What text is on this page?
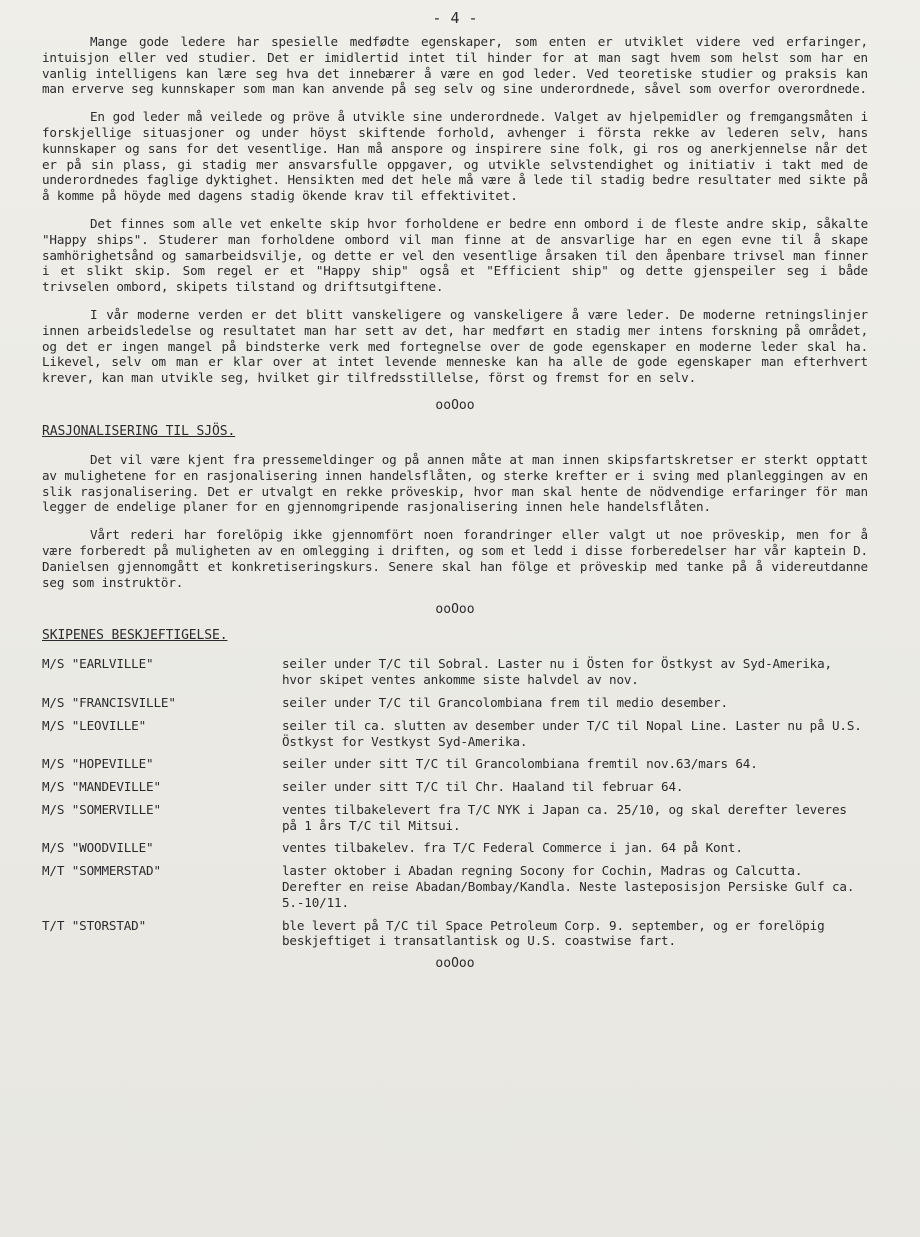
- 4 -

Mange gode ledere har spesielle medfødte egenskaper, som enten er utviklet videre ved erfaringer, intuisjon eller ved studier. Det er imidlertid intet til hinder for at man sagt hvem som helst som har en vanlig intelligens kan lære seg hva det innebærer å være en god leder. Ved teoretiske studier og praksis kan man erverve seg kunnskaper som man kan anvende på seg selv og sine underordnede, såvel som overfor overordnede.

En god leder må veilede og pröve å utvikle sine underordnede. Valget av hjelpemidler og fremgangsmåten i forskjellige situasjoner og under höyst skiftende forhold, avhenger i första rekke av lederen selv, hans kunnskaper og sans for det vesentlige. Han må anspore og inspirere sine folk, gi ros og anerkjennelse når det er på sin plass, gi stadig mer ansvarsfulle oppgaver, og utvikle selvstendighet og initiativ i takt med de underordnedes faglige dyktighet. Hensikten med det hele må være å lede til stadig bedre resultater med sikte på å komme på höyde med dagens stadig ökende krav til effektivitet.

Det finnes som alle vet enkelte skip hvor forholdene er bedre enn ombord i de fleste andre skip, såkalte "Happy ships". Studerer man forholdene ombord vil man finne at de ansvarlige har en egen evne til å skape samhörighetsånd og samarbeidsvilje, og dette er vel den vesentlige årsaken til den åpenbare trivsel man finner i et slikt skip. Som regel er et "Happy ship" også et "Efficient ship" og dette gjenspeiler seg i både trivselen ombord, skipets tilstand og driftsutgiftene.

I vår moderne verden er det blitt vanskeligere og vanskeligere å være leder. De moderne retningslinjer innen arbeidsledelse og resultatet man har sett av det, har medført en stadig mer intens forskning på området, og det er ingen mangel på bindsterke verk med fortegnelse over de gode egenskaper en moderne leder skal ha. Likevel, selv om man er klar over at intet levende menneske kan ha alle de gode egenskaper man efterhvert krever, kan man utvikle seg, hvilket gir tilfredsstillelse, först og fremst for en selv.

ooOoo
RASJONALISERING TIL SJÖS.

Det vil være kjent fra pressemeldinger og på annen måte at man innen skipsfartskretser er sterkt opptatt av mulighetene for en rasjonalisering innen handelsflåten, og sterke krefter er i sving med planleggingen av en slik rasjonalisering. Det er utvalgt en rekke pröveskip, hvor man skal hente de nödvendige erfaringer för man legger de endelige planer for en gjennomgripende rasjonalisering innen hele handelsflåten.

Vårt rederi har forelöpig ikke gjennomfört noen forandringer eller valgt ut noe pröveskip, men for å være forberedt på muligheten av en omlegging i driften, og som et ledd i disse forberedelser har vår kaptein D. Danielsen gjennomgått et konkretiseringskurs. Senere skal han fölge et pröveskip med tanke på å videreutdanne seg som instruktör.

ooOoo
SKIPENES BESKJEFTIGELSE.
M/S "EARLVILLE"	seiler under T/C til Sobral. Laster nu i Östen for Östkyst av Syd-Amerika, hvor skipet ventes ankomme siste halvdel av nov.
M/S "FRANCISVILLE"	seiler under T/C til Grancolombiana frem til medio desember.
M/S "LEOVILLE"	seiler til ca. slutten av desember under T/C til Nopal Line. Laster nu på U.S. Östkyst for Vestkyst Syd-Amerika.
M/S "HOPEVILLE"	seiler under sitt T/C til Grancolombiana fremtil nov.63/mars 64.
M/S "MANDEVILLE"	seiler under sitt T/C til Chr. Haaland til februar 64.
M/S "SOMERVILLE"	ventes tilbakelevert fra T/C NYK i Japan ca. 25/10, og skal derefter leveres på 1 års T/C til Mitsui.
M/S "WOODVILLE"	ventes tilbakelev. fra T/C Federal Commerce i jan. 64 på Kont.
M/T "SOMMERSTAD"	laster oktober i Abadan regning Socony for Cochin, Madras og Calcutta. Derefter en reise Abadan/Bombay/Kandla. Neste lasteposisjon Persiske Gulf ca. 5.-10/11.
T/T "STORSTAD"	ble levert på T/C til Space Petroleum Corp. 9. september, og er forelöpig beskjeftiget i transatlantisk og U.S. coastwise fart.
ooOoo
